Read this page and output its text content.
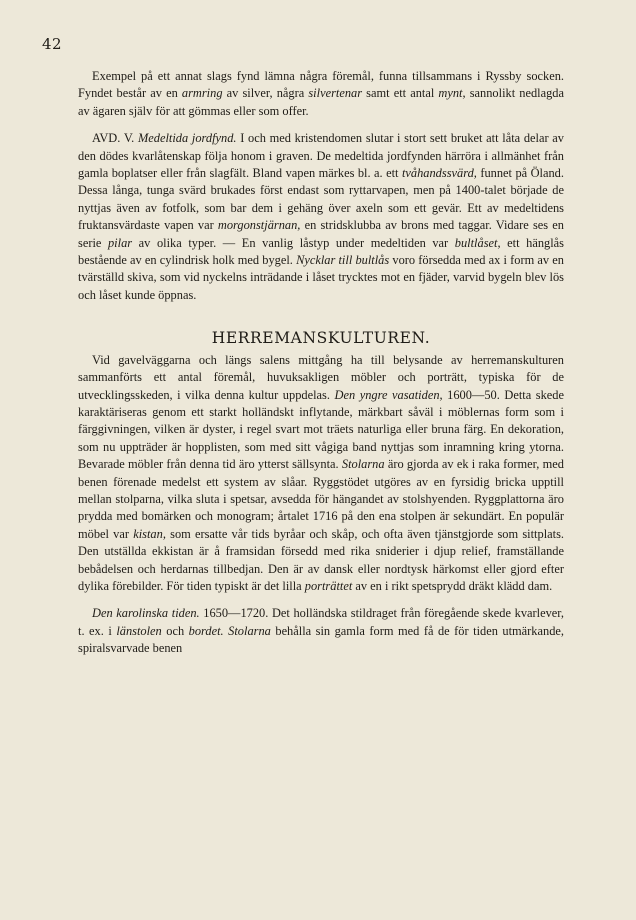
42

Exempel på ett annat slags fynd lämna några föremål, funna tillsammans i Ryssby socken. Fyndet består av en armring av silver, några silvertenar samt ett antal mynt, sannolikt nedlagda av ägaren själv för att gömmas eller som offer.

AVD. V. Medeltida jordfynd. I och med kristendomen slutar i stort sett bruket att låta delar av den dödes kvarlåtenskap följa honom i graven. De medeltida jordfynden härröra i allmänhet från gamla boplatser eller från slagfält. Bland vapen märkes bl. a. ett tvåhandssvärd, funnet på Öland. Dessa långa, tunga svärd brukades först endast som ryttarvapen, men på 1400-talet började de nyttjas även av fotfolk, som bar dem i gehäng över axeln som ett gevär. Ett av medeltidens fruktansvärdaste vapen var morgonstjärnan, en stridsklubba av brons med taggar. Vidare ses en serie pilar av olika typer. — En vanlig låstyp under medeltiden var bultlåset, ett hänglås bestående av en cylindrisk holk med bygel. Nycklar till bultlås voro försedda med ax i form av en tvärställd skiva, som vid nyckelns inträdande i låset trycktes mot en fjäder, varvid bygeln blev lös och låset kunde öppnas.

HERREMANSKULTUREN.

Vid gavelväggarna och längs salens mittgång ha till belysande av herremanskulturen sammanförts ett antal föremål, huvuksakligen möbler och porträtt, typiska för de utvecklingsskeden, i vilka denna kultur uppdelas. Den yngre vasatiden, 1600—50. Detta skede karaktäriseras genom ett starkt holländskt inflytande, märkbart såväl i möblernas form som i färggivningen, vilken är dyster, i regel svart mot träets naturliga eller bruna färg. En dekoration, som nu uppträder är hopplisten, som med sitt vågiga band nyttjas som inramning kring ytorna. Bevarade möbler från denna tid äro ytterst sällsynta. Stolarna äro gjorda av ek i raka former, med benen förenade medelst ett system av slåar. Ryggstödet utgöres av en fyrsidig bricka upptill mellan stolparna, vilka sluta i spetsar, avsedda för hängandet av stolshyenden. Ryggplattorna äro prydda med bomärken och monogram; årtalet 1716 på den ena stolpen är sekundärt. En populär möbel var kistan, som ersatte vår tids byråar och skåp, och ofta även tjänstgjorde som sittplats. Den utställda ekkistan är å framsidan försedd med rika sniderier i djup relief, framställande bebådelsen och herdarnas tillbedjan. Den är av dansk eller nordtysk härkomst eller gjord efter dylika förebilder. För tiden typiskt är det lilla porträttet av en i rikt spetsprydd dräkt klädd dam.

Den karolinska tiden. 1650—1720. Det holländska stildraget från föregående skede kvarlever, t. ex. i länstolen och bordet. Stolarna behålla sin gamla form med få de för tiden utmärkande, spiralsvarvade benen
